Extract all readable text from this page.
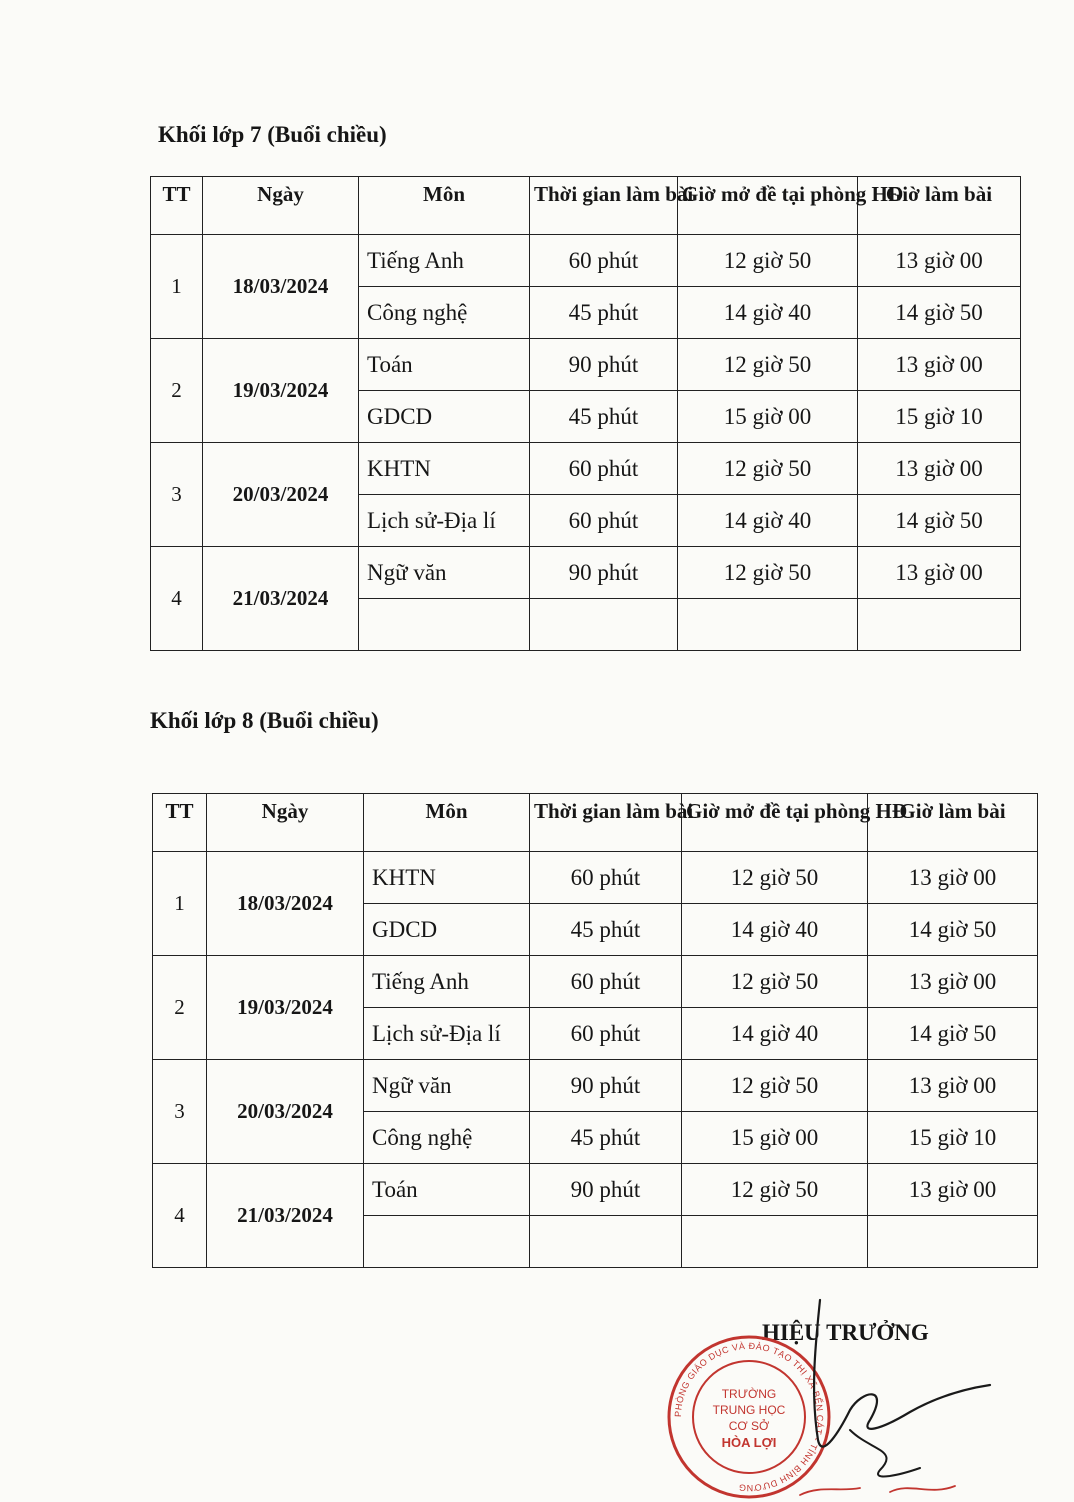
Khối lớp 7 (Buổi chiều)
TT	Ngày	Môn	Thời gian làm bài	Giờ mở đề tại phòng HĐ	Giờ làm bài
1	18/03/2024	Tiếng Anh	60 phút	12 giờ 50	13 giờ 00
		Công nghệ	45 phút	14 giờ 40	14 giờ 50
2	19/03/2024	Toán	90 phút	12 giờ 50	13 giờ 00
		GDCD	45 phút	15 giờ 00	15 giờ 10
3	20/03/2024	KHTN	60 phút	12 giờ 50	13 giờ 00
		Lịch sử-Địa lí	60 phút	14 giờ 40	14 giờ 50
4	21/03/2024	Ngữ văn	90 phút	12 giờ 50	13 giờ 00

Khối lớp 8 (Buổi chiều)
TT	Ngày	Môn	Thời gian làm bài	Giờ mở đề tại phòng HĐ	Giờ làm bài
1	18/03/2024	KHTN	60 phút	12 giờ 50	13 giờ 00
		GDCD	45 phút	14 giờ 40	14 giờ 50
2	19/03/2024	Tiếng Anh	60 phút	12 giờ 50	13 giờ 00
		Lịch sử-Địa lí	60 phút	14 giờ 40	14 giờ 50
3	20/03/2024	Ngữ văn	90 phút	12 giờ 50	13 giờ 00
		Công nghệ	45 phút	15 giờ 00	15 giờ 10
4	21/03/2024	Toán	90 phút	12 giờ 50	13 giờ 00

HIỆU TRƯỞNG
PHÒNG GIÁO DỤC VÀ ĐÀO TẠO THỊ XÃ BẾN CÁT - TỈNH BÌNH DƯƠNG
TRƯỜNG
TRUNG HỌC
CƠ SỞ
HÒA LỢI
